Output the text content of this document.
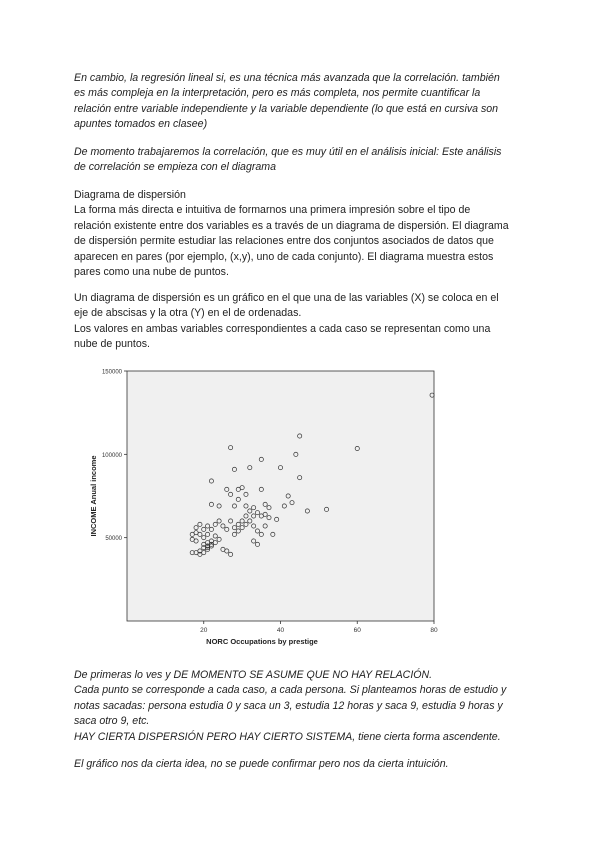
En cambio, la regresión lineal si, es una técnica más avanzada que la correlación. también
es más compleja en la interpretación, pero es más completa, nos permite cuantificar la
relación entre variable independiente y la variable dependiente (lo que está en cursiva son
apuntes tomados en clasee)
De momento trabajaremos la correlación, que es muy útil en el análisis inicial: Este análisis
de correlación se empieza con el diagrama
Diagrama de dispersión
La forma más directa e intuitiva de formarnos una primera impresión sobre el tipo de
relación existente entre dos variables es a través de un diagrama de dispersión. El diagrama
de dispersión permite estudiar las relaciones entre dos conjuntos asociados de datos que
aparecen en pares (por ejemplo, (x,y), uno de cada conjunto). El diagrama muestra estos
pares como una nube de puntos.
Un diagrama de dispersión es un gráfico en el que una de las variables (X) se coloca en el
eje de abscisas y la otra (Y) en el de ordenadas.
Los valores en ambas variables correspondientes a cada caso se representan como una
nube de puntos.
50000
100000
150000
20	40	60	80
NORC Occupations by prestige
INCOME Anual income
De primeras lo ves y DE MOMENTO SE ASUME QUE NO HAY RELACIÓN.
Cada punto se corresponde a cada caso, a cada persona. Si planteamos horas de estudio y
notas sacadas: persona estudia 0 y saca un 3, estudia 12 horas y saca 9, estudia 9 horas y
saca otro 9, etc.
HAY CIERTA DISPERSIÓN PERO HAY CIERTO SISTEMA, tiene cierta forma ascendente.
El gráfico nos da cierta idea, no se puede confirmar pero nos da cierta intuición.
